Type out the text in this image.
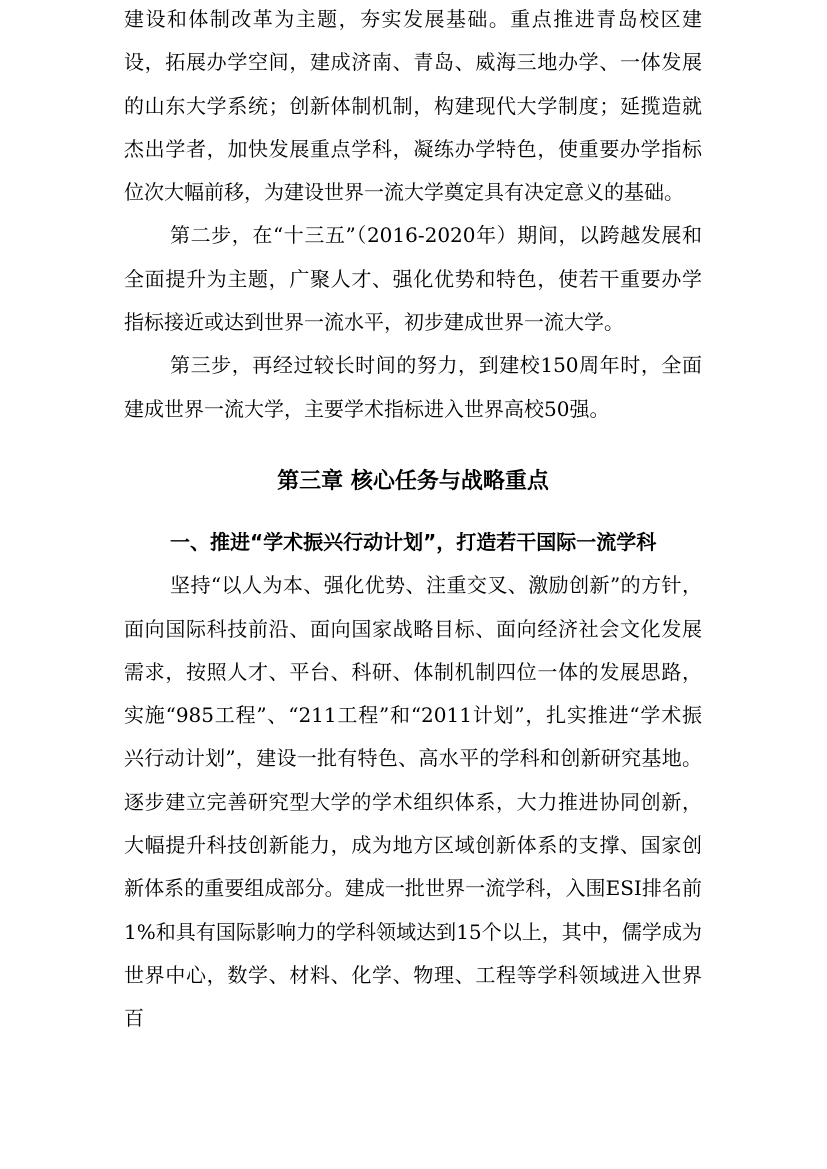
建设和体制改革为主题，夯实发展基础。重点推进青岛校区建设，拓展办学空间，建成济南、青岛、威海三地办学、一体发展的山东大学系统；创新体制机制，构建现代大学制度；延揽造就杰出学者，加快发展重点学科，凝练办学特色，使重要办学指标位次大幅前移，为建设世界一流大学奠定具有决定意义的基础。

第二步，在“十三五”（2016-2020年）期间，以跨越发展和全面提升为主题，广聚人才、强化优势和特色，使若干重要办学指标接近或达到世界一流水平，初步建成世界一流大学。

第三步，再经过较长时间的努力，到建校150周年时，全面建成世界一流大学，主要学术指标进入世界高校50强。

第三章 核心任务与战略重点
一、推进“学术振兴行动计划”，打造若干国际一流学科

坚持“以人为本、强化优势、注重交叉、激励创新”的方针，面向国际科技前沿、面向国家战略目标、面向经济社会文化发展需求，按照人才、平台、科研、体制机制四位一体的发展思路，实施“985工程”、“211工程”和“2011计划”，扎实推进“学术振兴行动计划”，建设一批有特色、高水平的学科和创新研究基地。逐步建立完善研究型大学的学术组织体系，大力推进协同创新，大幅提升科技创新能力，成为地方区域创新体系的支撑、国家创新体系的重要组成部分。建成一批世界一流学科，入围ESI排名前1%和具有国际影响力的学科领域达到15个以上，其中，儒学成为世界中心，数学、材料、化学、物理、工程等学科领域进入世界百
